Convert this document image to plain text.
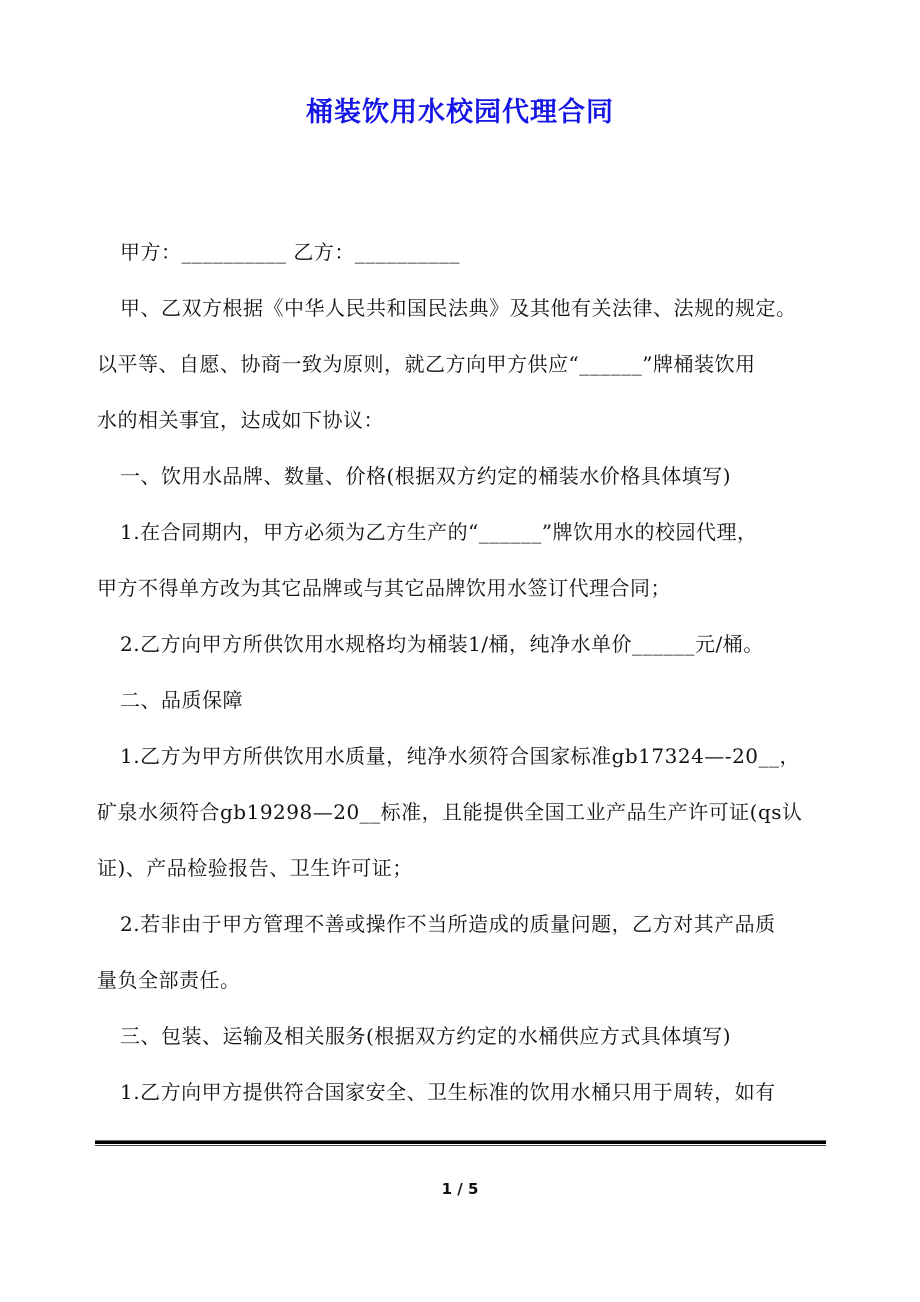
桶装饮用水校园代理合同
甲方：__________ 乙方：__________
甲、乙双方根据《中华人民共和国民法典》及其他有关法律、法规的规定。
以平等、自愿、协商一致为原则，就乙方向甲方供应“______”牌桶装饮用
水的相关事宜，达成如下协议：
一、饮用水品牌、数量、价格(根据双方约定的桶装水价格具体填写)
1.在合同期内，甲方必须为乙方生产的“______”牌饮用水的校园代理，
甲方不得单方改为其它品牌或与其它品牌饮用水签订代理合同；
2.乙方向甲方所供饮用水规格均为桶装1/桶，纯净水单价______元/桶。
二、品质保障
1.乙方为甲方所供饮用水质量，纯净水须符合国家标准gb17324—-20__，
矿泉水须符合gb19298—20__标准，且能提供全国工业产品生产许可证(qs认
证)、产品检验报告、卫生许可证；
2.若非由于甲方管理不善或操作不当所造成的质量问题，乙方对其产品质
量负全部责任。
三、包装、运输及相关服务(根据双方约定的水桶供应方式具体填写)
1.乙方向甲方提供符合国家安全、卫生标准的饮用水桶只用于周转，如有
1 / 5
